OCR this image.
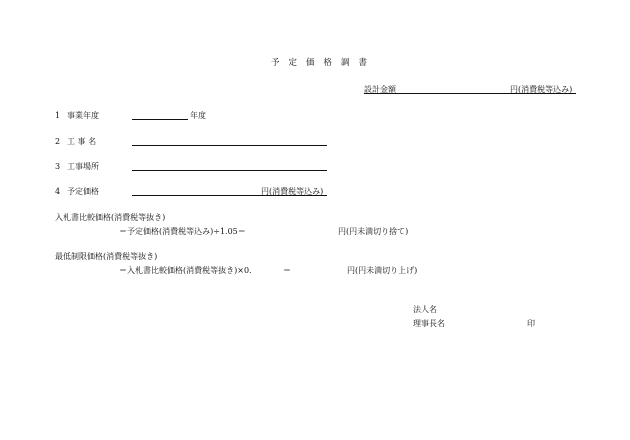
予定価格調書
設計金額	円(消費税等込み)
1 事業年度	年度
2 工 事 名
3 工事場所
4 予定価格	円(消費税等込み)
入札書比較価格(消費税等抜き)
＝予定価格(消費税等込み)÷1.05＝	円(円未満切り捨て)
最低制限価格(消費税等抜き)
＝入札書比較価格(消費税等抜き)×0.	＝	円(円未満切り上げ)
法人名
理事長名	印
